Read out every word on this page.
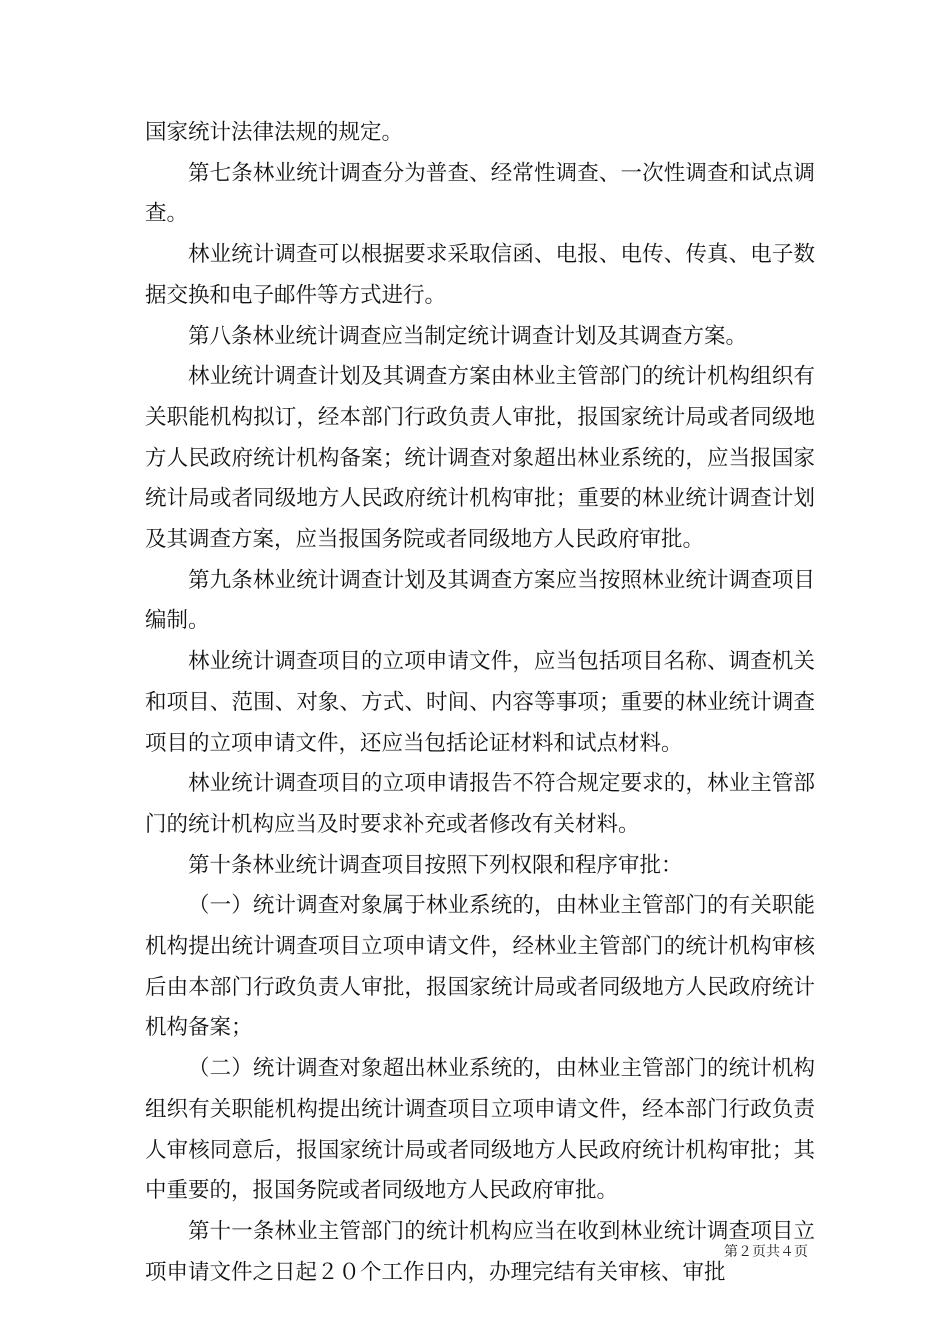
国家统计法律法规的规定。

第七条林业统计调查分为普查、经常性调查、一次性调查和试点调查。

林业统计调查可以根据要求采取信函、电报、电传、传真、电子数据交换和电子邮件等方式进行。

第八条林业统计调查应当制定统计调查计划及其调查方案。

林业统计调查计划及其调查方案由林业主管部门的统计机构组织有关职能机构拟订，经本部门行政负责人审批，报国家统计局或者同级地方人民政府统计机构备案；统计调查对象超出林业系统的，应当报国家统计局或者同级地方人民政府统计机构审批；重要的林业统计调查计划及其调查方案，应当报国务院或者同级地方人民政府审批。

第九条林业统计调查计划及其调查方案应当按照林业统计调查项目编制。

林业统计调查项目的立项申请文件，应当包括项目名称、调查机关和项目、范围、对象、方式、时间、内容等事项；重要的林业统计调查项目的立项申请文件，还应当包括论证材料和试点材料。

林业统计调查项目的立项申请报告不符合规定要求的，林业主管部门的统计机构应当及时要求补充或者修改有关材料。

第十条林业统计调查项目按照下列权限和程序审批：

（一）统计调查对象属于林业系统的，由林业主管部门的有关职能机构提出统计调查项目立项申请文件，经林业主管部门的统计机构审核后由本部门行政负责人审批，报国家统计局或者同级地方人民政府统计机构备案；

（二）统计调查对象超出林业系统的，由林业主管部门的统计机构组织有关职能机构提出统计调查项目立项申请文件，经本部门行政负责人审核同意后，报国家统计局或者同级地方人民政府统计机构审批；其中重要的，报国务院或者同级地方人民政府审批。

第十一条林业主管部门的统计机构应当在收到林业统计调查项目立项申请文件之日起２０个工作日内，办理完结有关审核、审批

第２页共４页
